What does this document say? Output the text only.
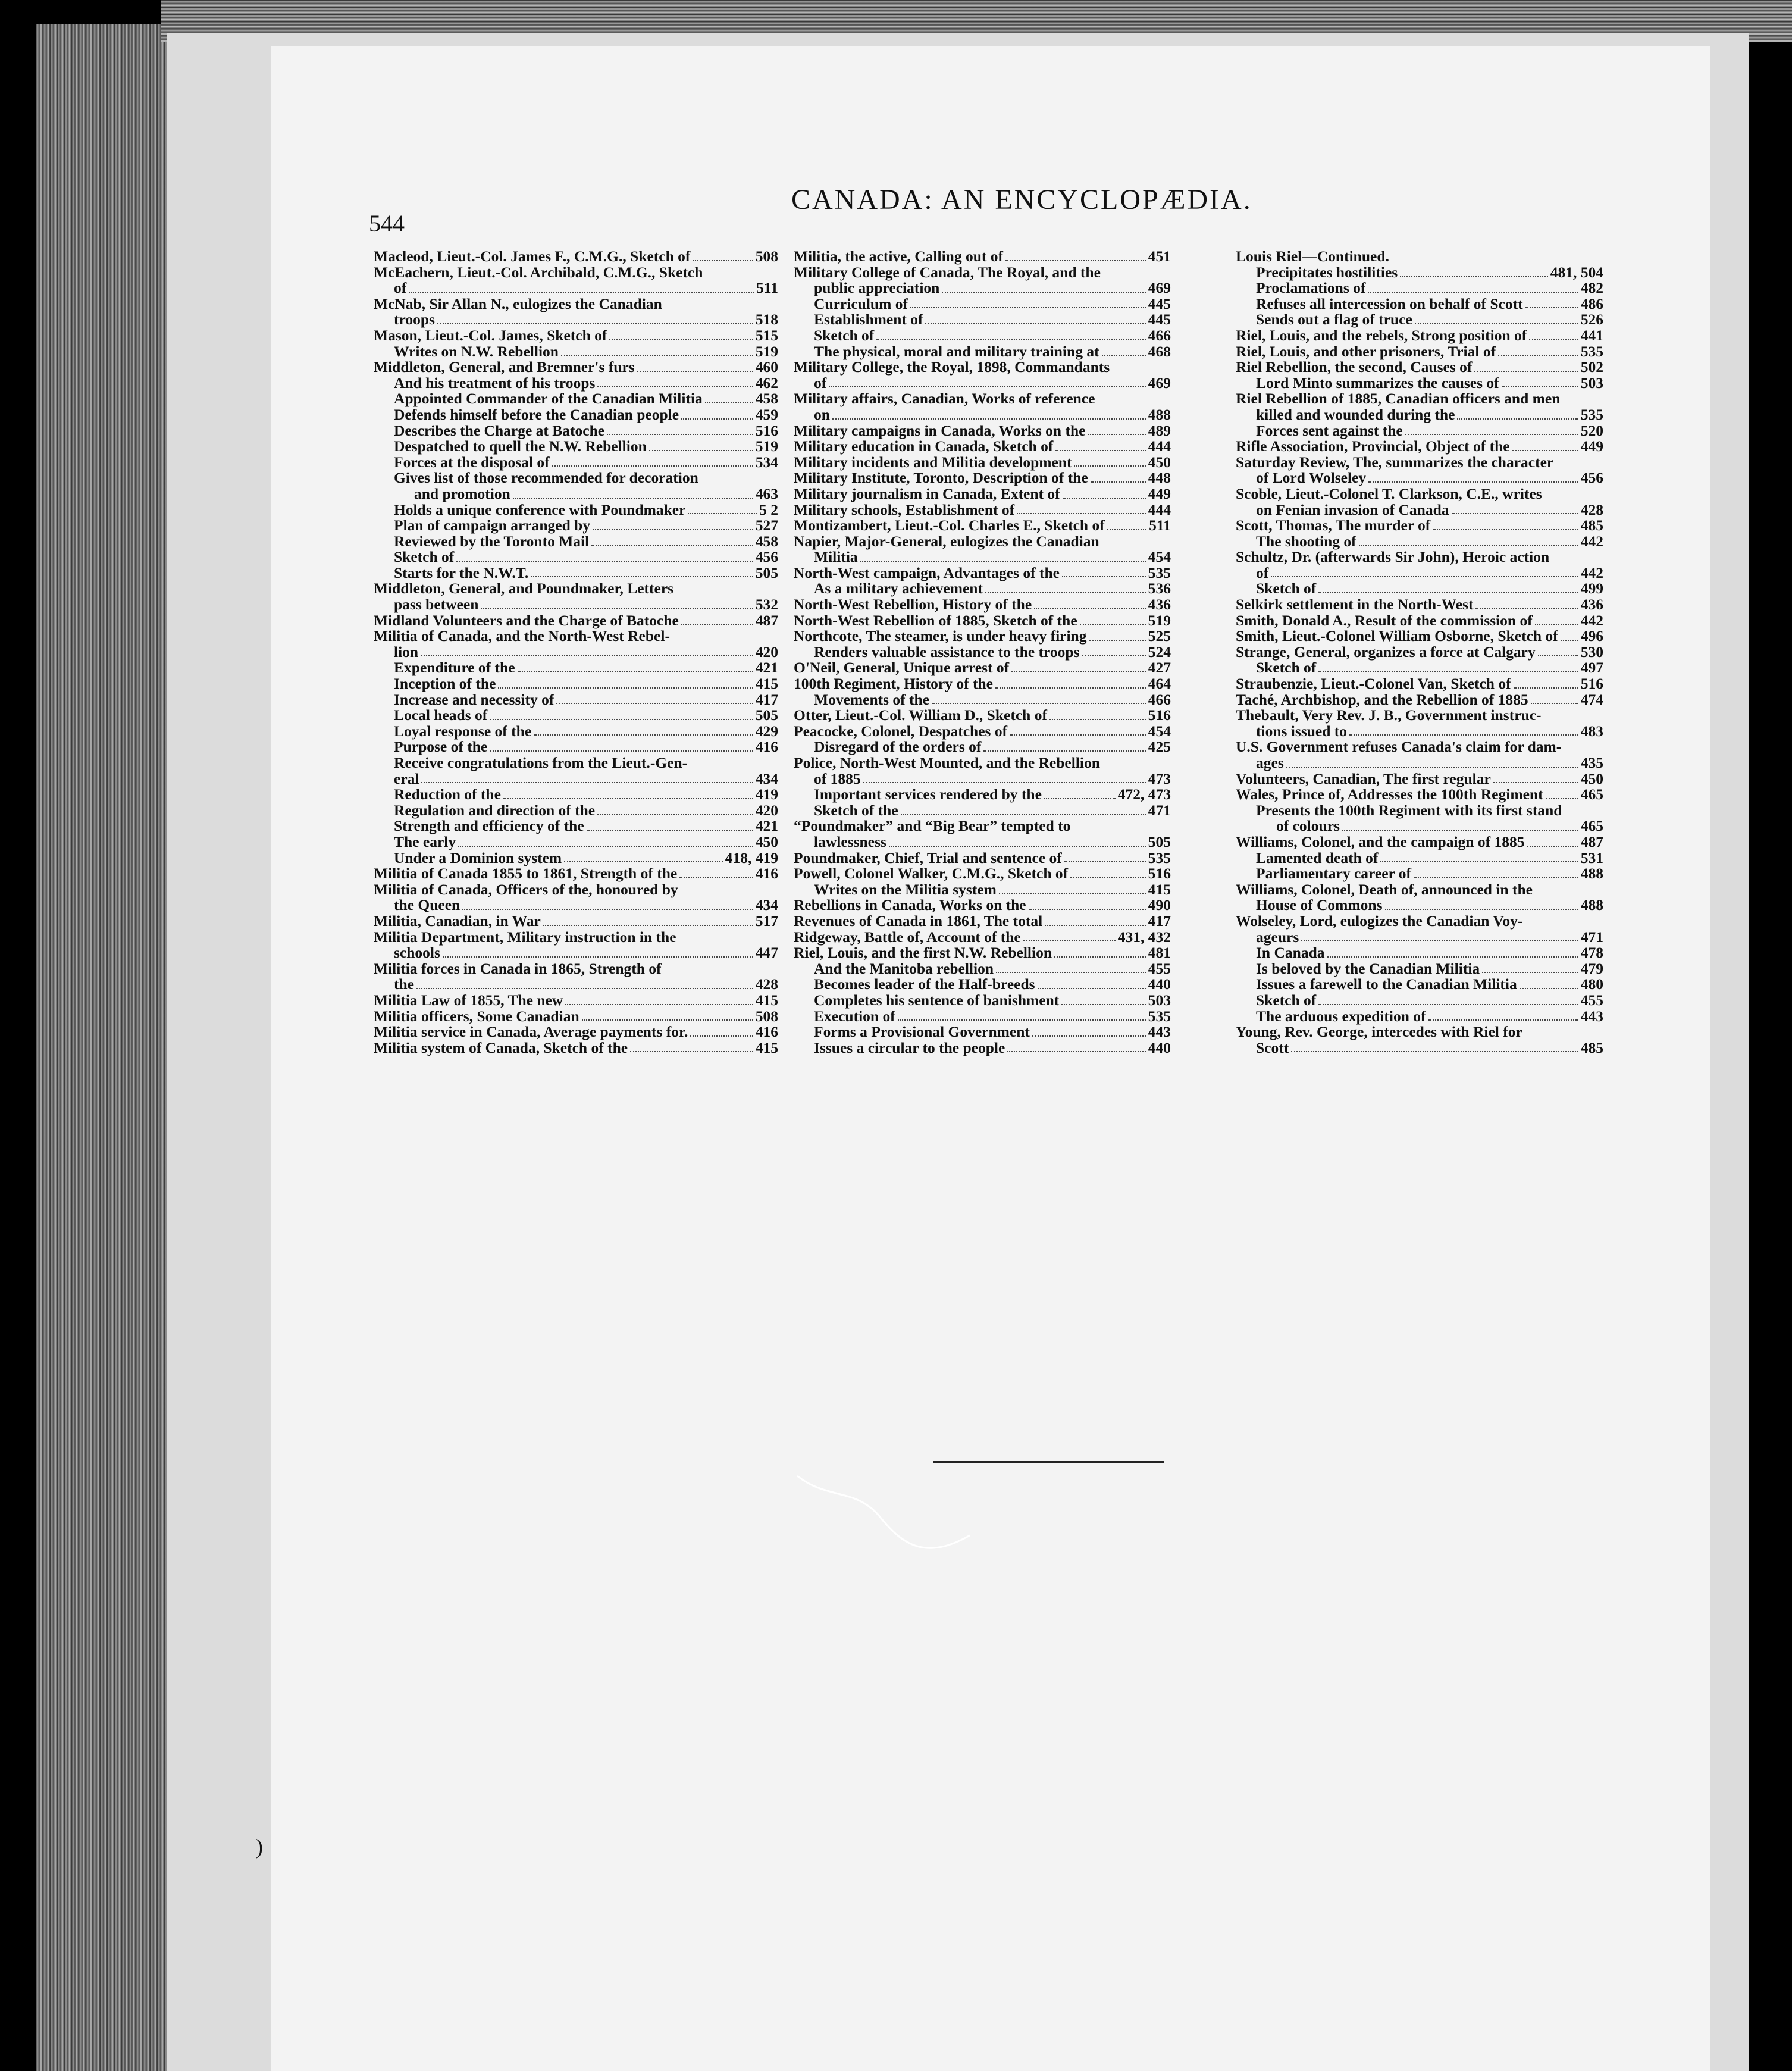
544
CANADA: AN ENCYCLOPÆDIA.
Macleod, Lieut.-Col. James F., C.M.G., Sketch of	508
McEachern, Lieut.-Col. Archibald, C.M.G., Sketch
of	511
McNab, Sir Allan N., eulogizes the Canadian
troops	518
Mason, Lieut.-Col. James, Sketch of	515
Writes on N.W. Rebellion	519
Middleton, General, and Bremner's furs	460
And his treatment of his troops	462
Appointed Commander of the Canadian Militia	458
Defends himself before the Canadian people	459
Describes the Charge at Batoche	516
Despatched to quell the N.W. Rebellion	519
Forces at the disposal of	534
Gives list of those recommended for decoration
and promotion	463
Holds a unique conference with Poundmaker	5 2
Plan of campaign arranged by	527
Reviewed by the Toronto Mail	458
Sketch of	456
Starts for the N.W.T.	505
Middleton, General, and Poundmaker, Letters
pass between	532
Midland Volunteers and the Charge of Batoche	487
Militia of Canada, and the North-West Rebel-
lion	420
Expenditure of the	421
Inception of the	415
Increase and necessity of	417
Local heads of	505
Loyal response of the	429
Purpose of the	416
Receive congratulations from the Lieut.-Gen-
eral	434
Reduction of the	419
Regulation and direction of the	420
Strength and efficiency of the	421
The early	450
Under a Dominion system	418, 419
Militia of Canada 1855 to 1861, Strength of the	416
Militia of Canada, Officers of the, honoured by
the Queen	434
Militia, Canadian, in War	517
Militia Department, Military instruction in the
schools	447
Militia forces in Canada in 1865, Strength of
the	428
Militia Law of 1855, The new	415
Militia officers, Some Canadian	508
Militia service in Canada, Average payments for.	416
Militia system of Canada, Sketch of the	415
Militia, the active, Calling out of	451
Military College of Canada, The Royal, and the
public appreciation	469
Curriculum of	445
Establishment of	445
Sketch of	466
The physical, moral and military training at	468
Military College, the Royal, 1898, Commandants
of	469
Military affairs, Canadian, Works of reference
on	488
Military campaigns in Canada, Works on the	489
Military education in Canada, Sketch of	444
Military incidents and Militia development	450
Military Institute, Toronto, Description of the	448
Military journalism in Canada, Extent of	449
Military schools, Establishment of	444
Montizambert, Lieut.-Col. Charles E., Sketch of	511
Napier, Major-General, eulogizes the Canadian
Militia	454
North-West campaign, Advantages of the	535
As a military achievement	536
North-West Rebellion, History of the	436
North-West Rebellion of 1885, Sketch of the	519
Northcote, The steamer, is under heavy firing	525
Renders valuable assistance to the troops	524
O'Neil, General, Unique arrest of	427
100th Regiment, History of the	464
Movements of the	466
Otter, Lieut.-Col. William D., Sketch of	516
Peacocke, Colonel, Despatches of	454
Disregard of the orders of	425
Police, North-West Mounted, and the Rebellion
of 1885	473
Important services rendered by the	472, 473
Sketch of the	471
“Poundmaker” and “Big Bear” tempted to
lawlessness	505
Poundmaker, Chief, Trial and sentence of	535
Powell, Colonel Walker, C.M.G., Sketch of	516
Writes on the Militia system	415
Rebellions in Canada, Works on the	490
Revenues of Canada in 1861, The total	417
Ridgeway, Battle of, Account of the	431, 432
Riel, Louis, and the first N.W. Rebellion	481
And the Manitoba rebellion	455
Becomes leader of the Half-breeds	440
Completes his sentence of banishment	503
Execution of	535
Forms a Provisional Government	443
Issues a circular to the people	440
Louis Riel—Continued.
Precipitates hostilities	481, 504
Proclamations of	482
Refuses all intercession on behalf of Scott	486
Sends out a flag of truce	526
Riel, Louis, and the rebels, Strong position of	441
Riel, Louis, and other prisoners, Trial of	535
Riel Rebellion, the second, Causes of	502
Lord Minto summarizes the causes of	503
Riel Rebellion of 1885, Canadian officers and men
killed and wounded during the	535
Forces sent against the	520
Rifle Association, Provincial, Object of the	449
Saturday Review, The, summarizes the character
of Lord Wolseley	456
Scoble, Lieut.-Colonel T. Clarkson, C.E., writes
on Fenian invasion of Canada	428
Scott, Thomas, The murder of	485
The shooting of	442
Schultz, Dr. (afterwards Sir John), Heroic action
of	442
Sketch of	499
Selkirk settlement in the North-West	436
Smith, Donald A., Result of the commission of	442
Smith, Lieut.-Colonel William Osborne, Sketch of 496
Strange, General, organizes a force at Calgary	530
Sketch of	497
Straubenzie, Lieut.-Colonel Van, Sketch of	516
Taché, Archbishop, and the Rebellion of 1885	474
Thebault, Very Rev. J. B., Government instruc-
tions issued to	483
U.S. Government refuses Canada's claim for dam-
ages	435
Volunteers, Canadian, The first regular	450
Wales, Prince of, Addresses the 100th Regiment 465
Presents the 100th Regiment with its first stand
of colours	465
Williams, Colonel, and the campaign of 1885	487
Lamented death of	531
Parliamentary career of	488
Williams, Colonel, Death of, announced in the
House of Commons	488
Wolseley, Lord, eulogizes the Canadian Voy-
ageurs	471
In Canada	478
Is beloved by the Canadian Militia	479
Issues a farewell to the Canadian Militia	480
Sketch of	455
The arduous expedition of	443
Young, Rev. George, intercedes with Riel for
Scott	485
)
